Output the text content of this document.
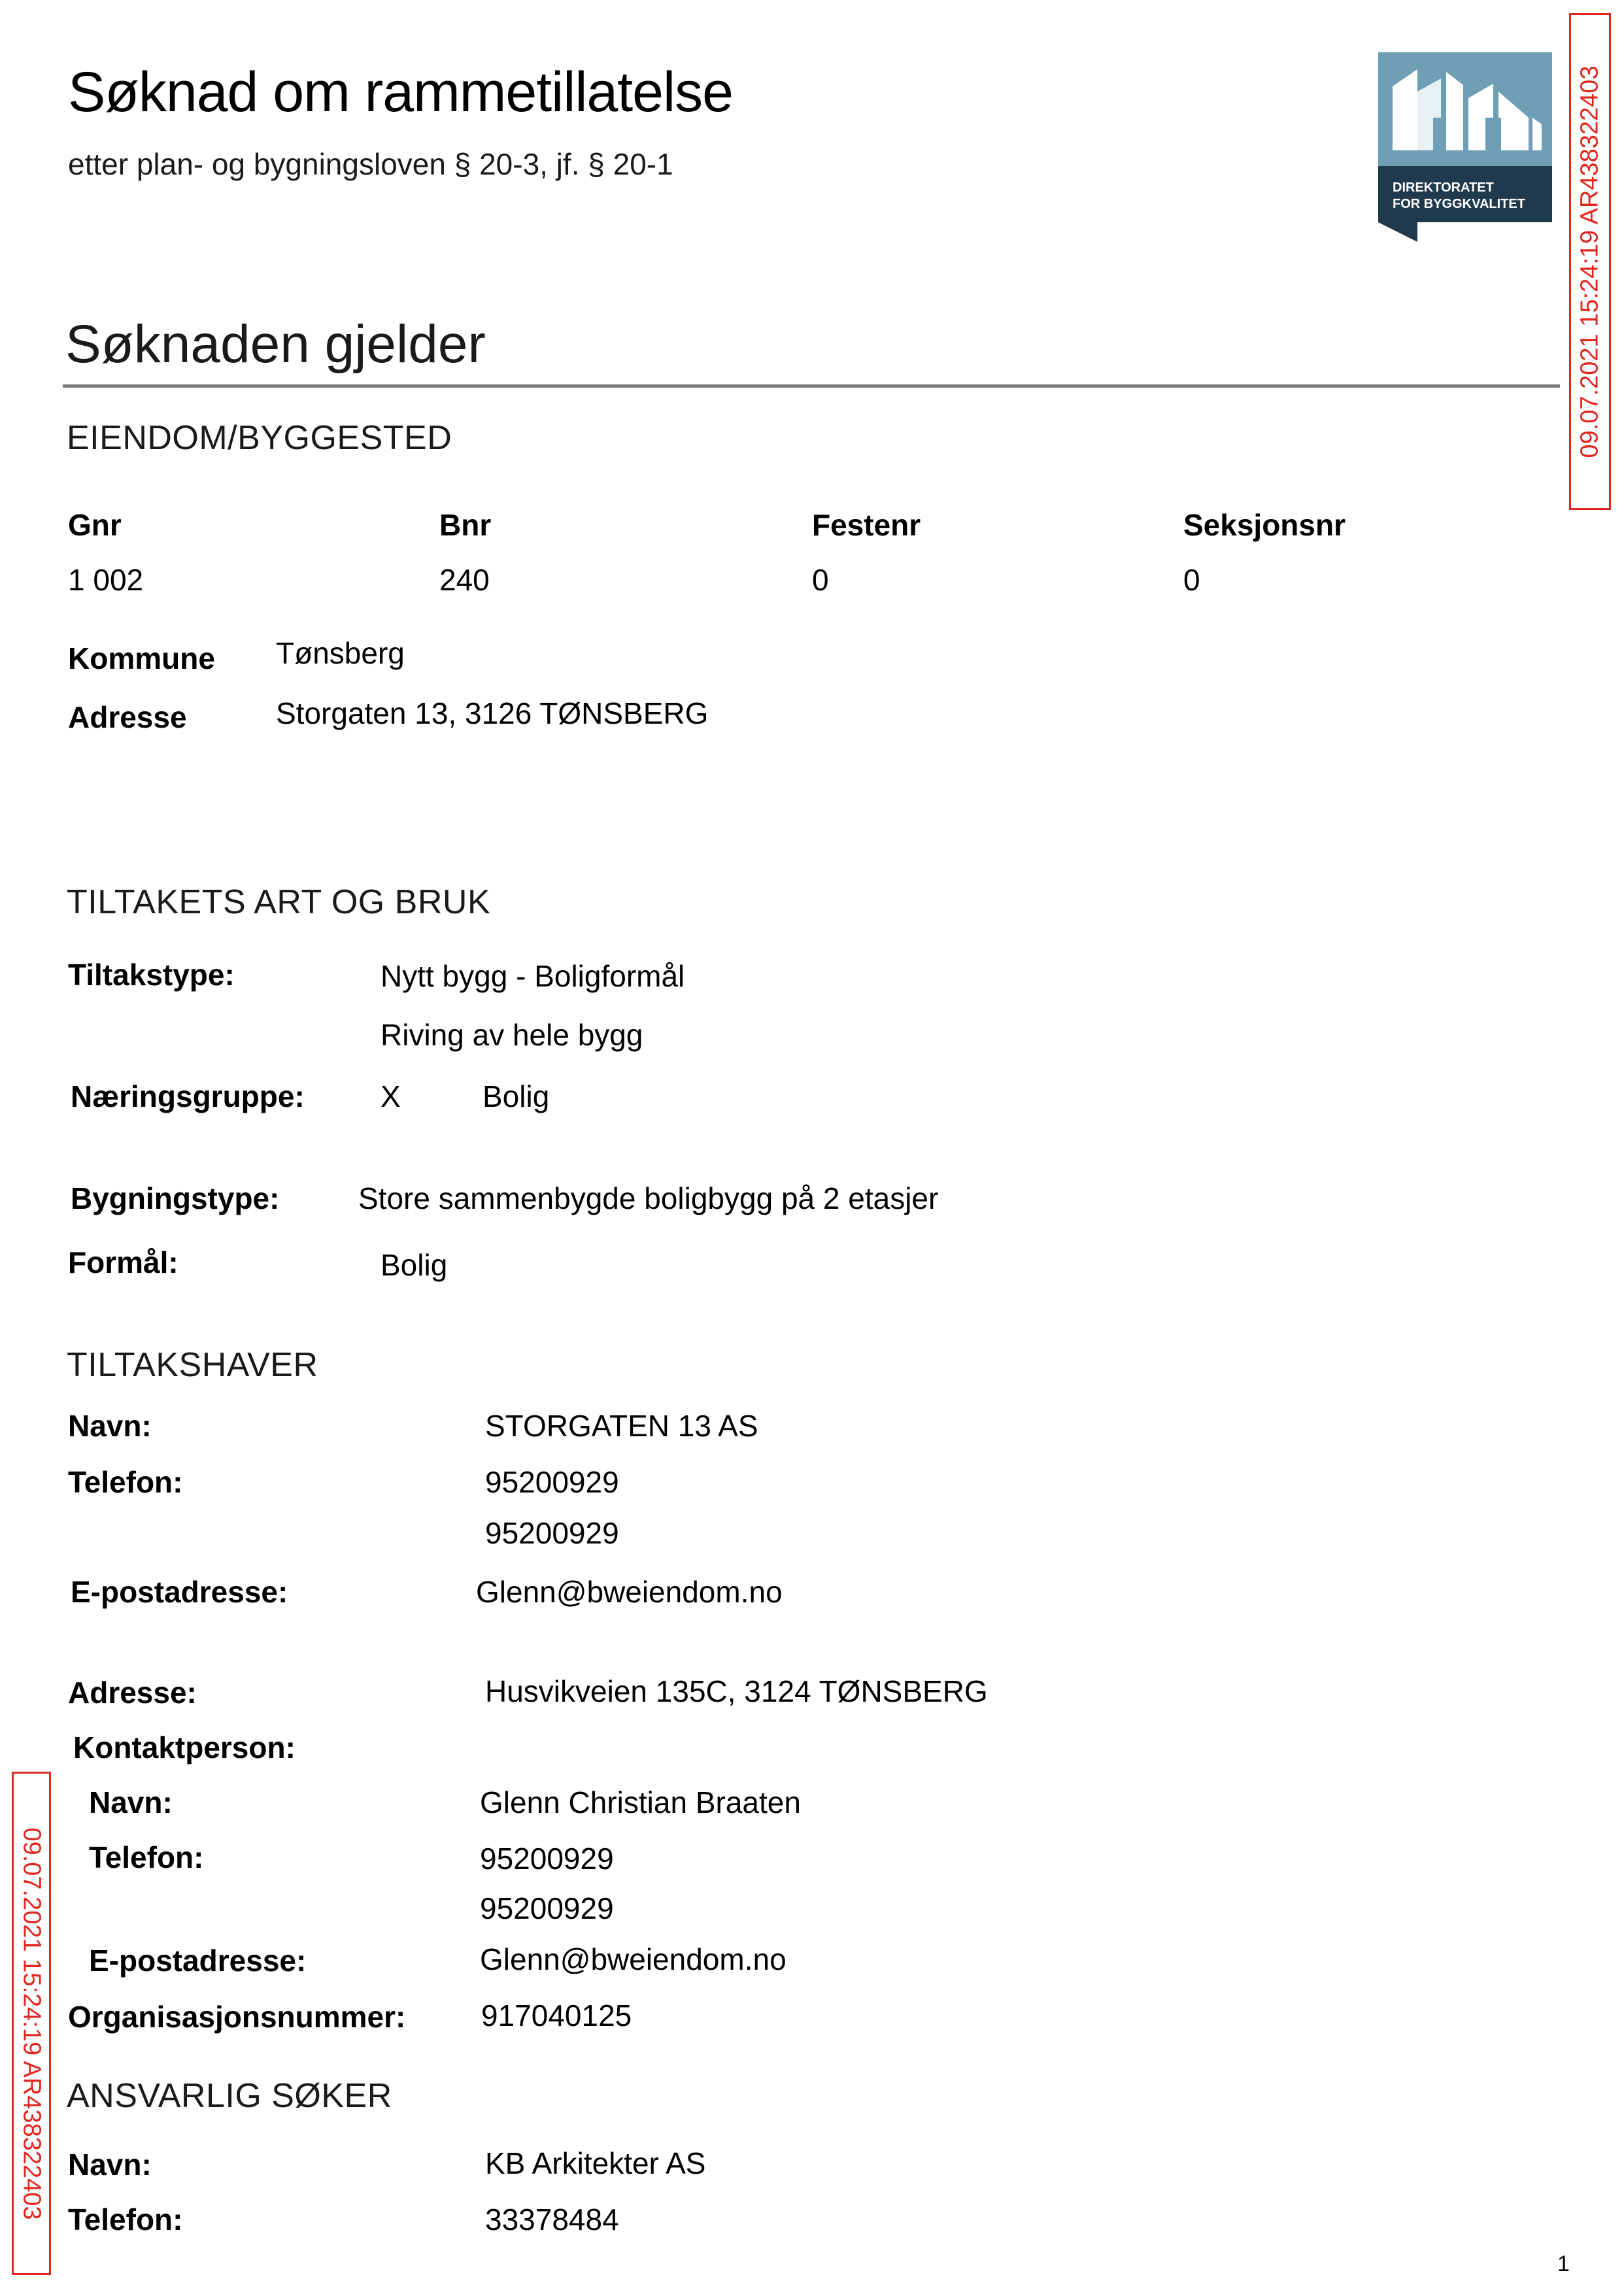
Søknad om rammetillatelse
etter plan- og bygningsloven § 20-3, jf. § 20-1
DIREKTORATET
FOR BYGGKVALITET 09.07.2021 15:24:19 AR438322403
09.07.2021 15:24:19 AR438322403
Søknaden gjelder
EIENDOM/BYGGESTED
Gnr	Bnr	Festenr	Seksjonsnr
1 002	240	0	0
Kommune Tønsberg
Adresse	Storgaten 13, 3126 TØNSBERG
TILTAKETS ART OG BRUK
Tiltakstype:	Nytt bygg - Boligformål
Riving av hele bygg
Næringsgruppe:	X	Bolig
Bygningstype:	Store sammenbygde boligbygg på 2 etasjer
Formål:	Bolig
TILTAKSHAVER
Navn:	STORGATEN 13 AS
Telefon:	95200929
95200929
E-postadresse:	Glenn@bweiendom.no
Adresse:	Husvikveien 135C, 3124 TØNSBERG
Kontaktperson:
Navn:	Glenn Christian Braaten
Telefon:	95200929
95200929
E-postadresse:	Glenn@bweiendom.no
Organisasjonsnummer:	917040125
ANSVARLIG SØKER
Navn:	KB Arkitekter AS
Telefon:	33378484
1
